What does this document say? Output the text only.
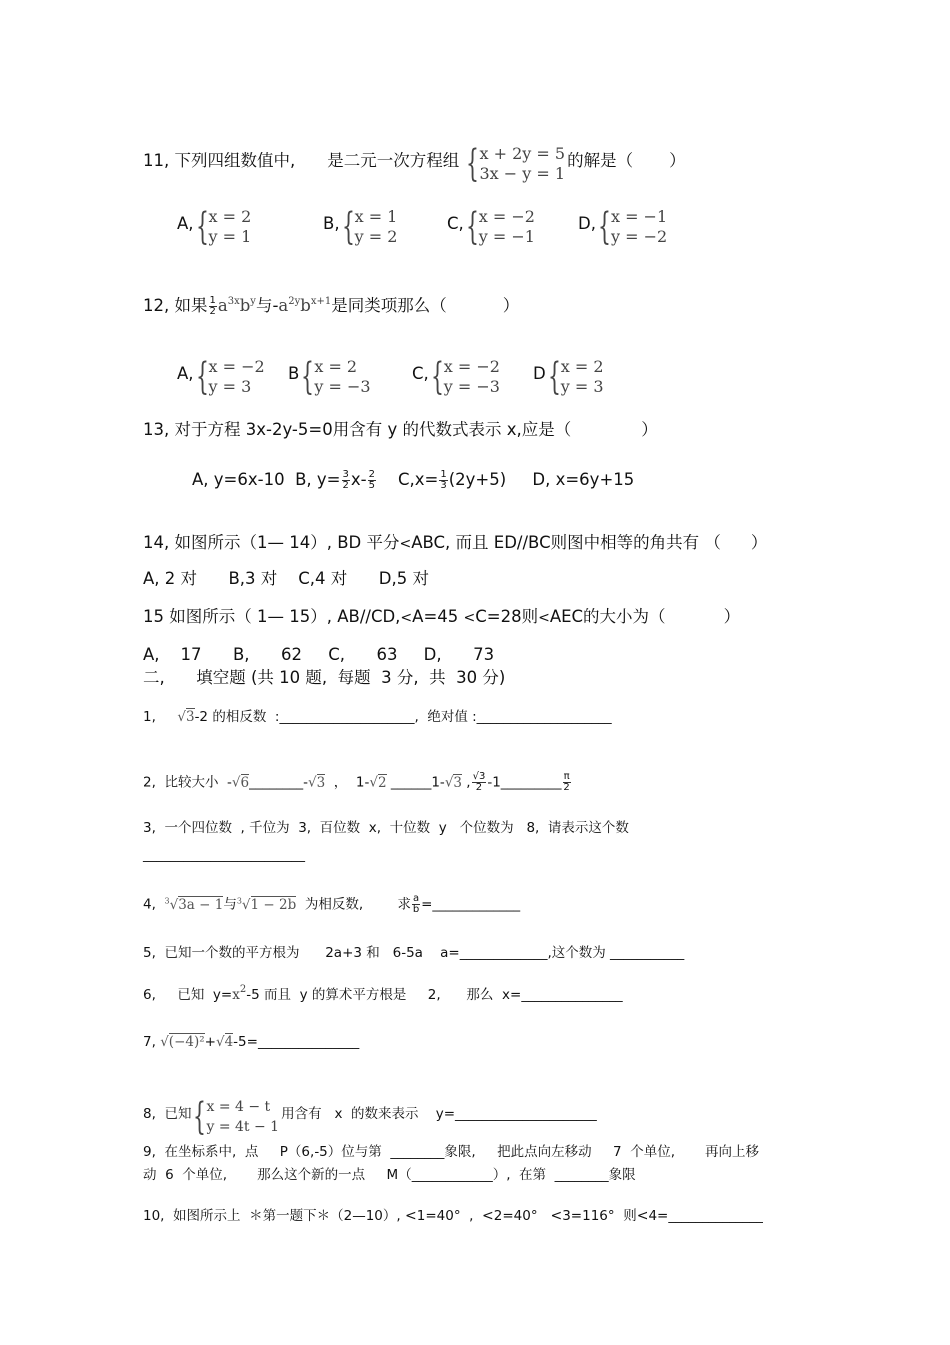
11, 下列四组数值中, 是二元一次方程组 { x + 2y = 5
3x − y = 1
的解是（ ）
A, { x = 2
y = 1
B, { x = 1
y = 2
C, { x = −2
y = −1
D, { x = −1
y = −2
12, 如果 $\frac{1}{2} a^{3x}b^y$与$-a^{2y}b^{x+1}$是同类项那么（	）
A, { x = −2
y = 3
B { x = 2
y = −3
C, { x = −2
y = −3
D { x = 2
y = 3
13, 对于方程 3x-2y-5=0用含有 y 的代数式表示 x,应是（	）
A, y=6x-10 B, $y= \frac{3}{2} x- \frac{2}{5} C,x= \frac{1}{3} (2y+5)$ D, x=6y+15
14, 如图所示（1— 14）, BD 平分<ABC, 而且 ED//BC则图中相等的角共有 （ ）
A, 2 对      B,3 对    C,4 对      D,5 对
15 如图所示（ 1— 15）, AB//CD,<A=45 <C=28则<AEC的大小为（	）
A,    17      B,      62     C,      63     D,      73
二,      填空题 (共 10 题,  每题  3 分,  共  30 分)
1, √3-2 的相反数  :____________________,  绝对值 :____________________
2,  比较大小  -√6________-√3  ，  1-√2 ______1-√3 , $\frac{√3}{2}$ -1_________ $\frac{\pi}{2}$
3,  一个四位数  , 千位为  3,  百位数  x,  十位数  y   个位数为   8,  请表示这个数
________________________
4, $^3$√3a − 1与$^3$√1 − 2b  为相反数,        求 $\frac{a}{b}$ =_____________
5,  已知一个数的平方根为      2a+3 和   6-5a    a=_____________,这个数为 ___________
6,     已知  $y=x^2-5$ 而且  y 的算术平方根是     2,      那么  x=_______________
7, √(−4)²+√4-5=_______________
8,  已知 { x = 4 − t
y = 4t − 1
用含有   x  的数来表示    y=_____________________
9,  在坐标系中,  点     P（6,-5）位与第  ________象限,     把此点向左移动     7  个单位,       再向上移
动  6  个单位,       那么这个新的一点     M（____________）,  在第  ________象限
10,  如图所示上  ＊第一题下＊（2—10）, <1=40°  , <2=40° <3=116°  则<4=______________
